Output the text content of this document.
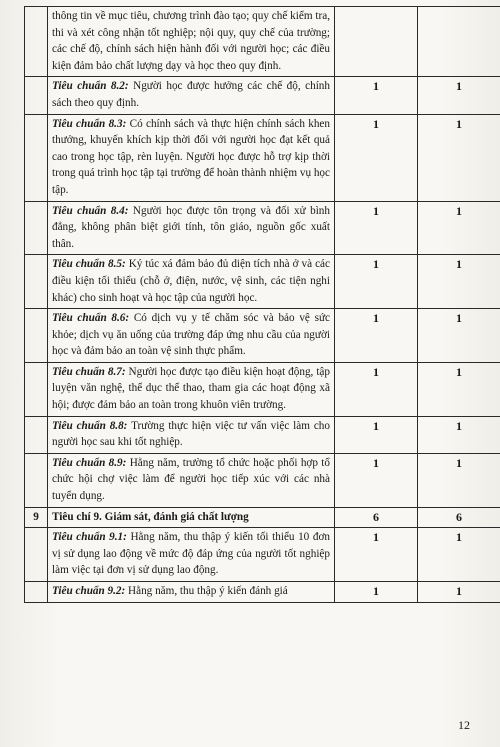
	thông tin về mục tiêu, chương trình đào tạo; quy chế kiểm tra, thi và xét công nhận tốt nghiệp; nội quy, quy chế của trường; các chế độ, chính sách hiện hành đối với người học; các điều kiện đảm bảo chất lượng dạy và học theo quy định.		
	Tiêu chuẩn 8.2: Người học được hưởng các chế độ, chính sách theo quy định.	1	1
	Tiêu chuẩn 8.3: Có chính sách và thực hiện chính sách khen thưởng, khuyến khích kịp thời đối với người học đạt kết quả cao trong học tập, rèn luyện. Người học được hỗ trợ kịp thời trong quá trình học tập tại trường để hoàn thành nhiệm vụ học tập.	1	1
	Tiêu chuẩn 8.4: Người học được tôn trọng và đối xử bình đẳng, không phân biệt giới tính, tôn giáo, nguồn gốc xuất thân.	1	1
	Tiêu chuẩn 8.5: Ký túc xá đảm bảo đủ diện tích nhà ở và các điều kiện tối thiểu (chỗ ở, điện, nước, vệ sinh, các tiện nghi khác) cho sinh hoạt và học tập của người học.	1	1
	Tiêu chuẩn 8.6: Có dịch vụ y tế chăm sóc và bảo vệ sức khỏe; dịch vụ ăn uống của trường đáp ứng nhu cầu của người học và đảm bảo an toàn vệ sinh thực phẩm.	1	1
	Tiêu chuẩn 8.7: Người học được tạo điều kiện hoạt động, tập luyện văn nghệ, thể dục thể thao, tham gia các hoạt động xã hội; được đảm bảo an toàn trong khuôn viên trường.	1	1
	Tiêu chuẩn 8.8: Trường thực hiện việc tư vấn việc làm cho người học sau khi tốt nghiệp.	1	1
	Tiêu chuẩn 8.9: Hằng năm, trường tổ chức hoặc phối hợp tổ chức hội chợ việc làm để người học tiếp xúc với các nhà tuyển dụng.	1	1
9	Tiêu chí 9. Giám sát, đánh giá chất lượng	6	6
	Tiêu chuẩn 9.1: Hằng năm, thu thập ý kiến tối thiểu 10 đơn vị sử dụng lao động về mức độ đáp ứng của người tốt nghiệp làm việc tại đơn vị sử dụng lao động.	1	1
	Tiêu chuẩn 9.2: Hằng năm, thu thập ý kiến đánh giá	1	1
12
